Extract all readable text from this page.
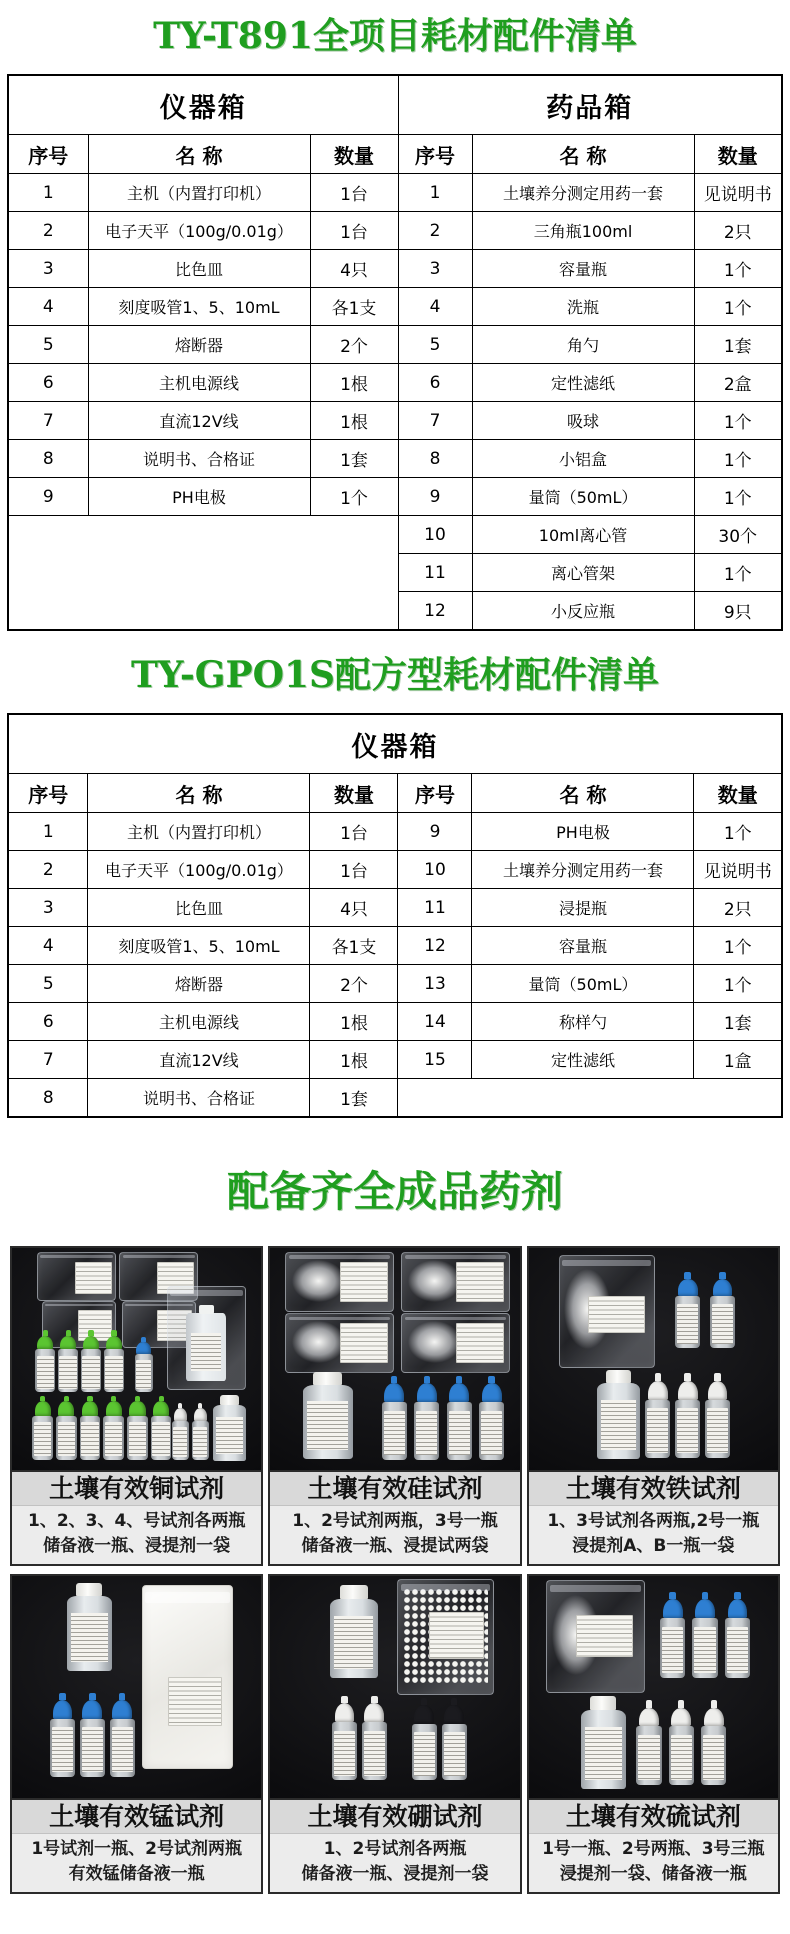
TY-T891全项目耗材配件清单
仪器箱			药品箱		
序号	名 称	数量	序号	名 称	数量
1	主机（内置打印机）	1台	1	土壤养分测定用药一套	见说明书
2	电子天平（100g/0.01g）	1台	2	三角瓶100ml	2只
3	比色皿	4只	3	容量瓶	1个
4	刻度吸管1、5、10mL	各1支	4	洗瓶	1个
5	熔断器	2个	5	角勺	1套
6	主机电源线	1根	6	定性滤纸	2盒
7	直流12V线	1根	7	吸球	1个
8	说明书、合格证	1套	8	小铝盒	1个
9	PH电极	1个	9	量筒（50mL）	1个
			10	10ml离心管	30个
			11	离心管架	1个
			12	小反应瓶	9只
TY-GPO1S配方型耗材配件清单
仪器箱					
序号	名 称	数量	序号	名 称	数量
1	主机（内置打印机）	1台	9	PH电极	1个
2	电子天平（100g/0.01g）	1台	10	土壤养分测定用药一套	见说明书
3	比色皿	4只	11	浸提瓶	2只
4	刻度吸管1、5、10mL	各1支	12	容量瓶	1个
5	熔断器	2个	13	量筒（50mL）	1个
6	主机电源线	1根	14	称样勺	1套
7	直流12V线	1根	15	定性滤纸	1盒
8	说明书、合格证	1套			
配备齐全成品药剂
土壤有效铜试剂
1、2、3、4、号试剂各两瓶
储备液一瓶、浸提剂一袋
土壤有效硅试剂
1、2号试剂两瓶，3号一瓶
储备液一瓶、浸提试两袋
土壤有效铁试剂
1、3号试剂各两瓶,2号一瓶
浸提剂A、B一瓶一袋
土壤有效锰试剂
1号试剂一瓶、2号试剂两瓶
有效锰储备液一瓶
土壤有效硼试剂
1、2号试剂各两瓶
储备液一瓶、浸提剂一袋
土壤有效硫试剂
1号一瓶、2号两瓶、3号三瓶
浸提剂一袋、储备液一瓶
